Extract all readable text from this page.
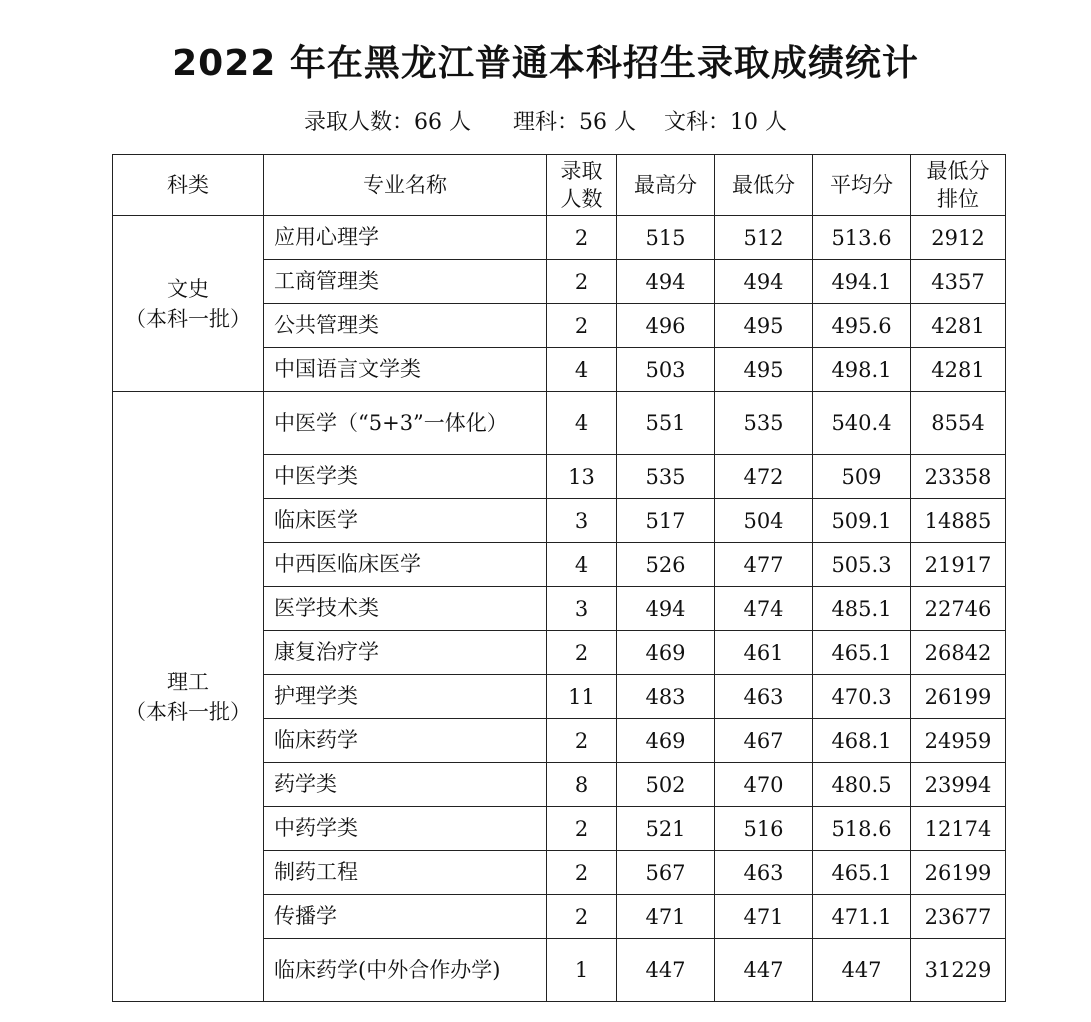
2022 年在黑龙江普通本科招生录取成绩统计
录取人数：66 人      理科：56 人    文科：10 人
科类	专业名称	录取人数	最高分	最低分	平均分	最低分排位
文史
（本科一批）	应用心理学	2	515	512	513.6	2912
	工商管理类	2	494	494	494.1	4357
	公共管理类	2	496	495	495.6	4281
	中国语言文学类	4	503	495	498.1	4281
理工
（本科一批）	中医学（“5+3”一体化）	4	551	535	540.4	8554
	中医学类	13	535	472	509	23358
	临床医学	3	517	504	509.1	14885
	中西医临床医学	4	526	477	505.3	21917
	医学技术类	3	494	474	485.1	22746
	康复治疗学	2	469	461	465.1	26842
	护理学类	11	483	463	470.3	26199
	临床药学	2	469	467	468.1	24959
	药学类	8	502	470	480.5	23994
	中药学类	2	521	516	518.6	12174
	制药工程	2	567	463	465.1	26199
	传播学	2	471	471	471.1	23677
	临床药学(中外合作办学)	1	447	447	447	31229
